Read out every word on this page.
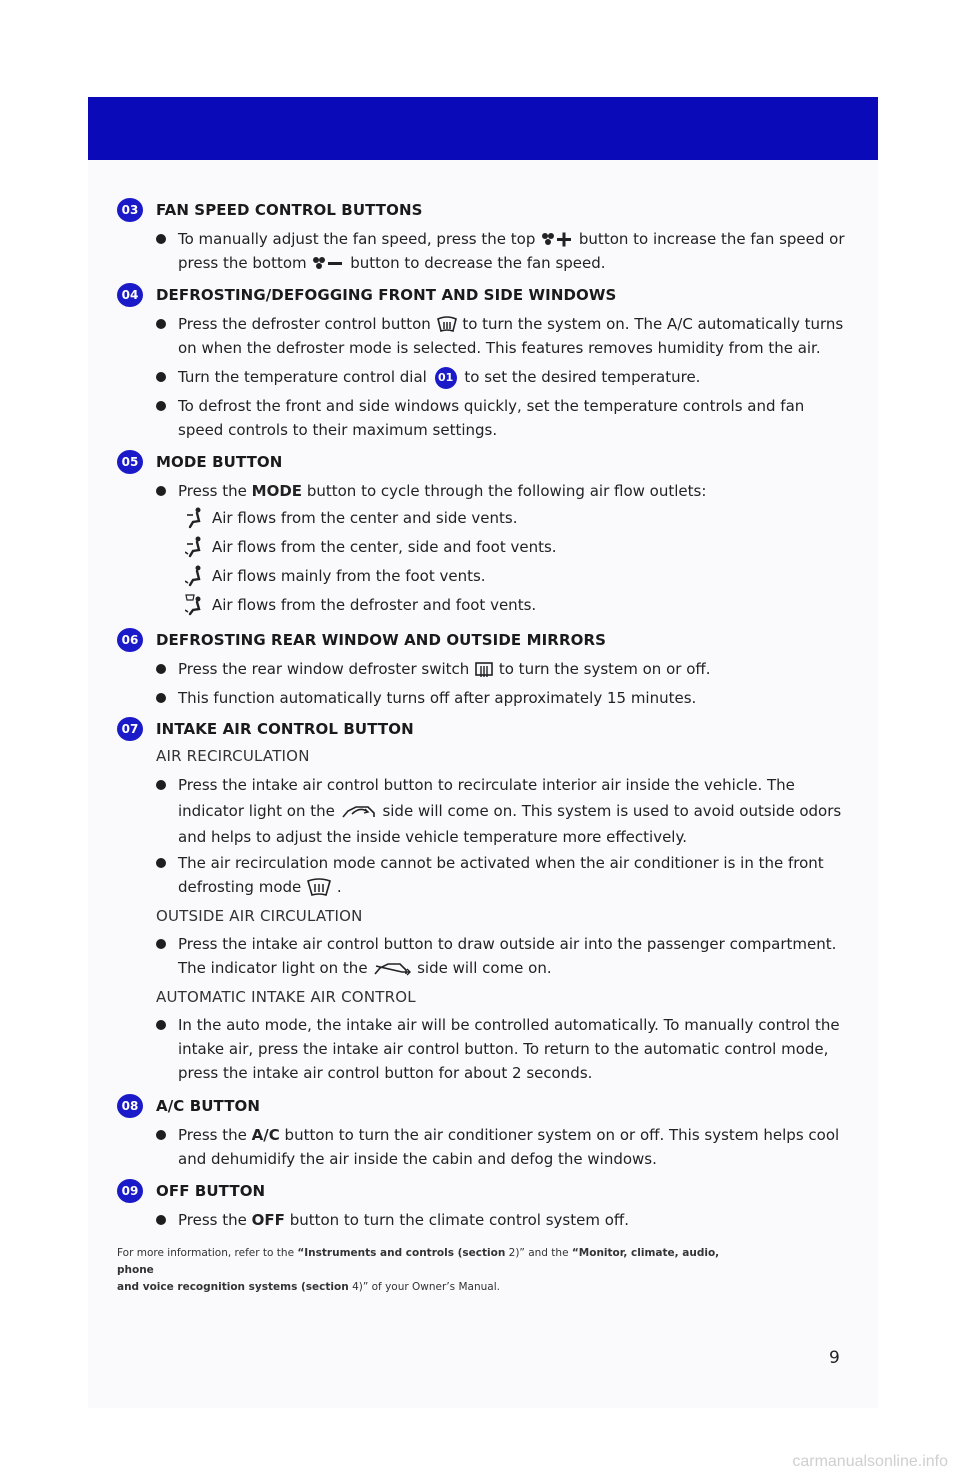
03	FAN SPEED CONTROL BUTTONS
To manually adjust the fan speed, press the top	button to increase the fan speed or
press the bottom	button to decrease the fan speed.
04	DEFROSTING/DEFOGGING FRONT AND SIDE WINDOWS
Press the defroster control button to turn the system on. The A/C automatically turns
on when the defroster mode is selected. This features removes humidity from the air.
Turn the temperature control dial 01 to set the desired temperature.
To defrost the front and side windows quickly, set the temperature controls and fan
speed controls to their maximum settings.
05	MODE BUTTON
Press the MODE button to cycle through the following air flow outlets:
Air flows from the center and side vents.
Air flows from the center, side and foot vents.
Air flows mainly from the foot vents.
Air flows from the defroster and foot vents.
06	DEFROSTING REAR WINDOW AND OUTSIDE MIRRORS
Press the rear window defroster switch to turn the system on or off.
This function automatically turns off after approximately 15 minutes.
07	INTAKE AIR CONTROL BUTTON
AIR RECIRCULATION
Press the intake air control button to recirculate interior air inside the vehicle. The
indicator light on the	side will come on. This system is used to avoid outside odors
and helps to adjust the inside vehicle temperature more effectively.
The air recirculation mode cannot be activated when the air conditioner is in the front
defrosting mode .
OUTSIDE AIR CIRCULATION
Press the intake air control button to draw outside air into the passenger compartment.
The indicator light on the	side will come on.
AUTOMATIC INTAKE AIR CONTROL
In the auto mode, the intake air will be controlled automatically. To manually control the
intake air, press the intake air control button. To return to the automatic control mode,
press the intake air control button for about 2 seconds.
08	A/C BUTTON
Press the A/C button to turn the air conditioner system on or off. This system helps cool
and dehumidify the air inside the cabin and defog the windows.
09	OFF BUTTON
Press the OFF button to turn the climate control system off.
For more information, refer to the “Instruments and controls (section 2)” and the “Monitor, climate, audio, phone
and voice recognition systems (section 4)” of your Owner’s Manual.
9
carmanualsonline.info
